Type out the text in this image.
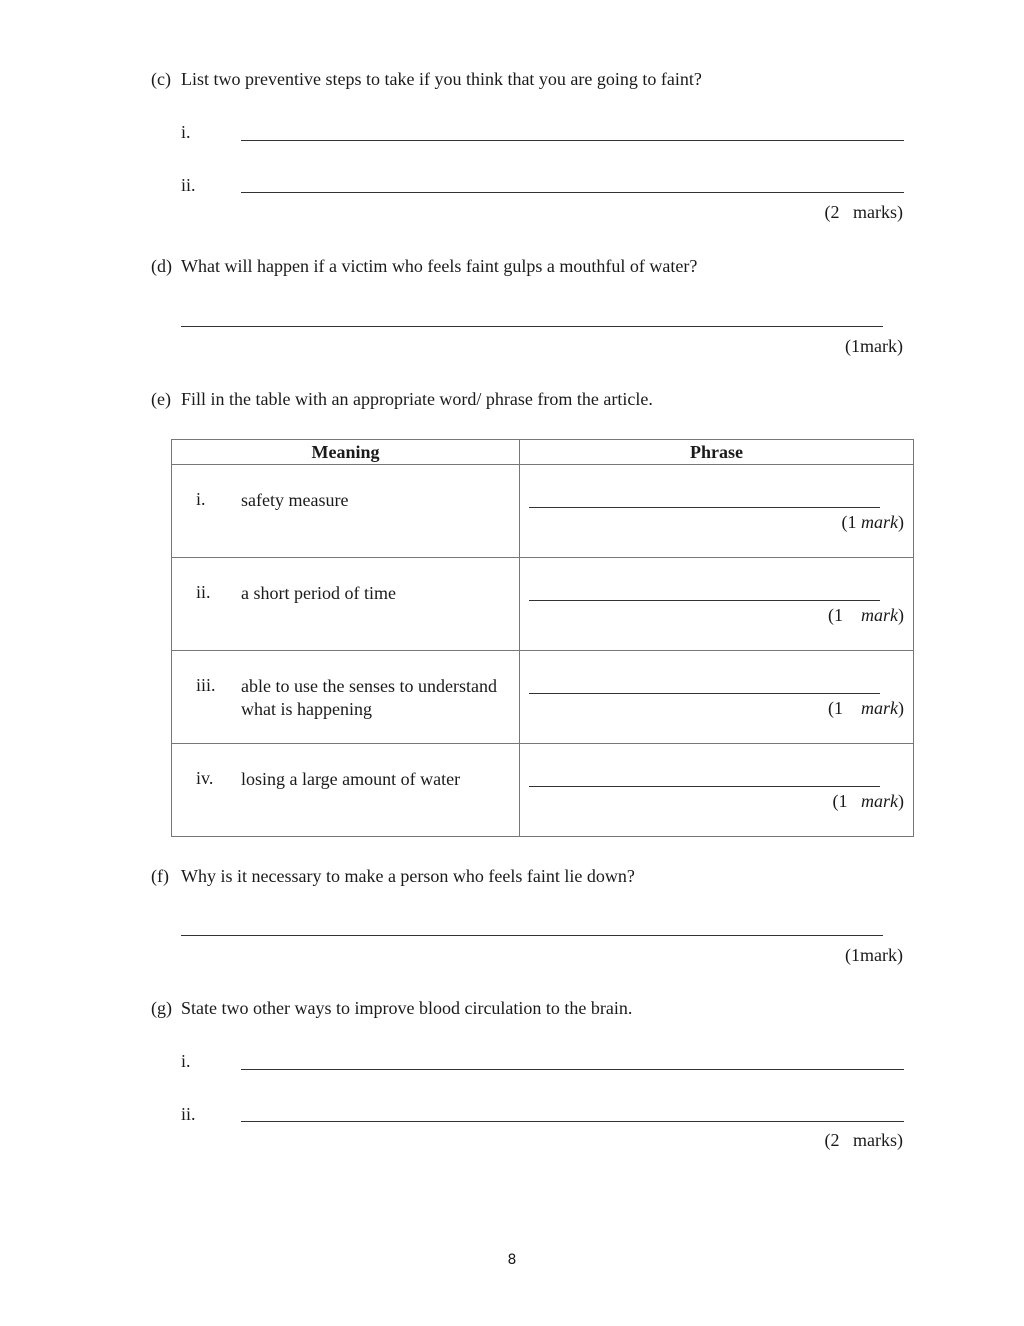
(c) List two preventive steps to take if you think that you are going to faint?
i.
ii.
(2   marks)
(d) What will happen if a victim who feels faint gulps a mouthful of water?
(1mark)
(e) Fill in the table with an appropriate word/ phrase from the article.
Meaning	Phrase

i. safety measure	(1 mark)

ii. a short period of time	(1    mark)

iii. able to use the senses to understand what is happening	(1    mark)

iv. losing a large amount of water	(1   mark)
(f) Why is it necessary to make a person who feels faint lie down?
(1mark)
(g) State two other ways to improve blood circulation to the brain.
i.
ii.
(2   marks)
8
